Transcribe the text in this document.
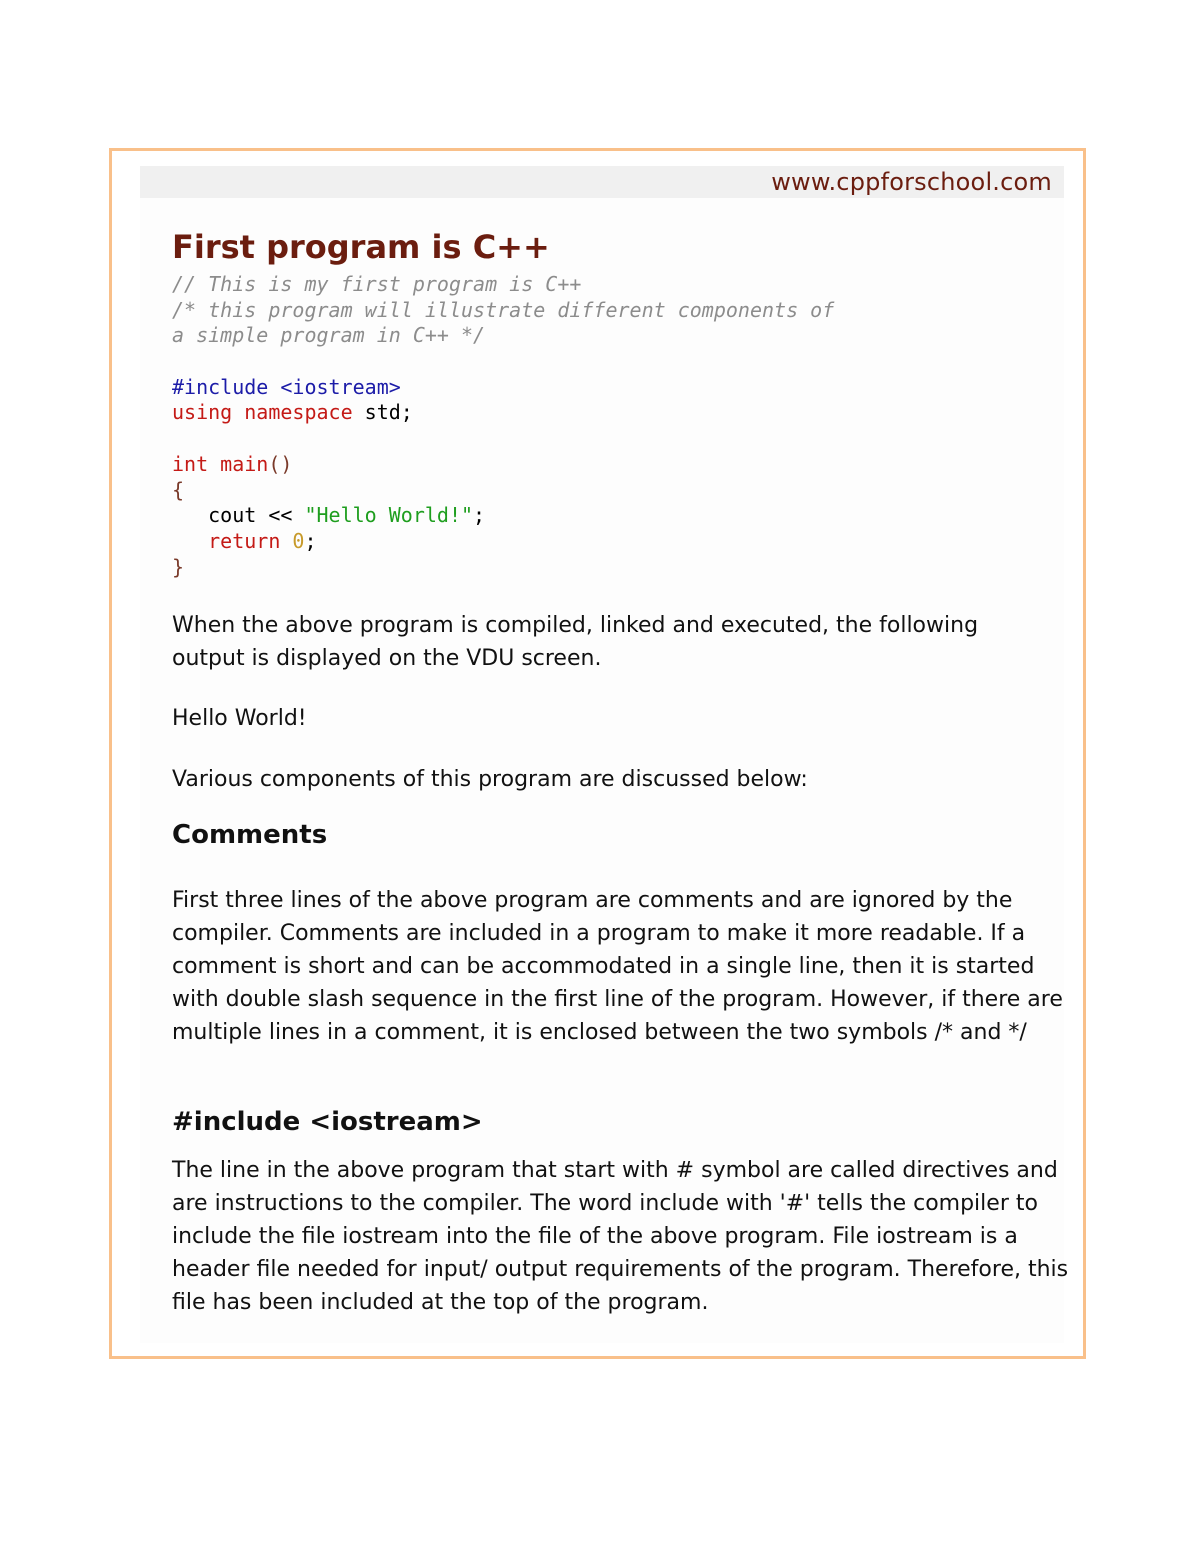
www.cppforschool.com
First program is C++
// This is my first program is C++
/* this program will illustrate different components of
a simple program in C++ */
#include <iostream>
using namespace std;
int main()
{
cout << "Hello World!";
return 0;
}

When the above program is compiled, linked and executed, the following output is displayed on the VDU screen.

Hello World!

Various components of this program are discussed below:

Comments

First three lines of the above program are comments and are ignored by the compiler. Comments are included in a program to make it more readable. If a comment is short and can be accommodated in a single line, then it is started with double slash sequence in the first line of the program. However, if there are multiple lines in a comment, it is enclosed between the two symbols /* and */

#include <iostream>

The line in the above program that start with # symbol are called directives and are instructions to the compiler. The word include with '#' tells the compiler to include the file iostream into the file of the above program. File iostream is a header file needed for input/ output requirements of the program. Therefore, this file has been included at the top of the program.
